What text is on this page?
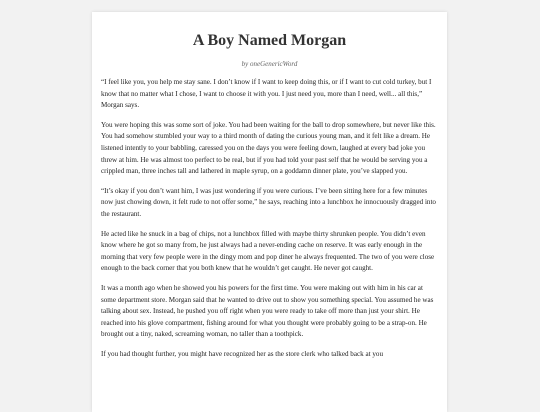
A Boy Named Morgan
by oneGenericWord

“I feel like you, you help me stay sane. I don’t know if I want to keep doing this, or if I want to cut cold turkey, but I know that no matter what I chose, I want to choose it with you. I just need you, more than I need, well... all this,” Morgan says.

You were hoping this was some sort of joke. You had been waiting for the ball to drop somewhere, but never like this. You had somehow stumbled your way to a third month of dating the curious young man, and it felt like a dream. He listened intently to your babbling, caressed you on the days you were feeling down, laughed at every bad joke you threw at him. He was almost too perfect to be real, but if you had told your past self that he would be serving you a crippled man, three inches tall and lathered in maple syrup, on a goddamn dinner plate, you’ve slapped you.

“It’s okay if you don’t want him, I was just wondering if you were curious. I’ve been sitting here for a few minutes now just chowing down, it felt rude to not offer some,” he says, reaching into a lunchbox he innocuously dragged into the restaurant.

He acted like he snuck in a bag of chips, not a lunchbox filled with maybe thirty shrunken people. You didn’t even know where he got so many from, he just always had a never-ending cache on reserve. It was early enough in the morning that very few people were in the dingy mom and pop diner he always frequented. The two of you were close enough to the back corner that you both knew that he wouldn’t get caught. He never got caught.

It was a month ago when he showed you his powers for the first time. You were making out with him in his car at some department store. Morgan said that he wanted to drive out to show you something special. You assumed he was talking about sex. Instead, he pushed you off right when you were ready to take off more than just your shirt. He reached into his glove compartment, fishing around for what you thought were probably going to be a strap-on. He brought out a tiny, naked, screaming woman, no taller than a toothpick.

If you had thought further, you might have recognized her as the store clerk who talked back at you
